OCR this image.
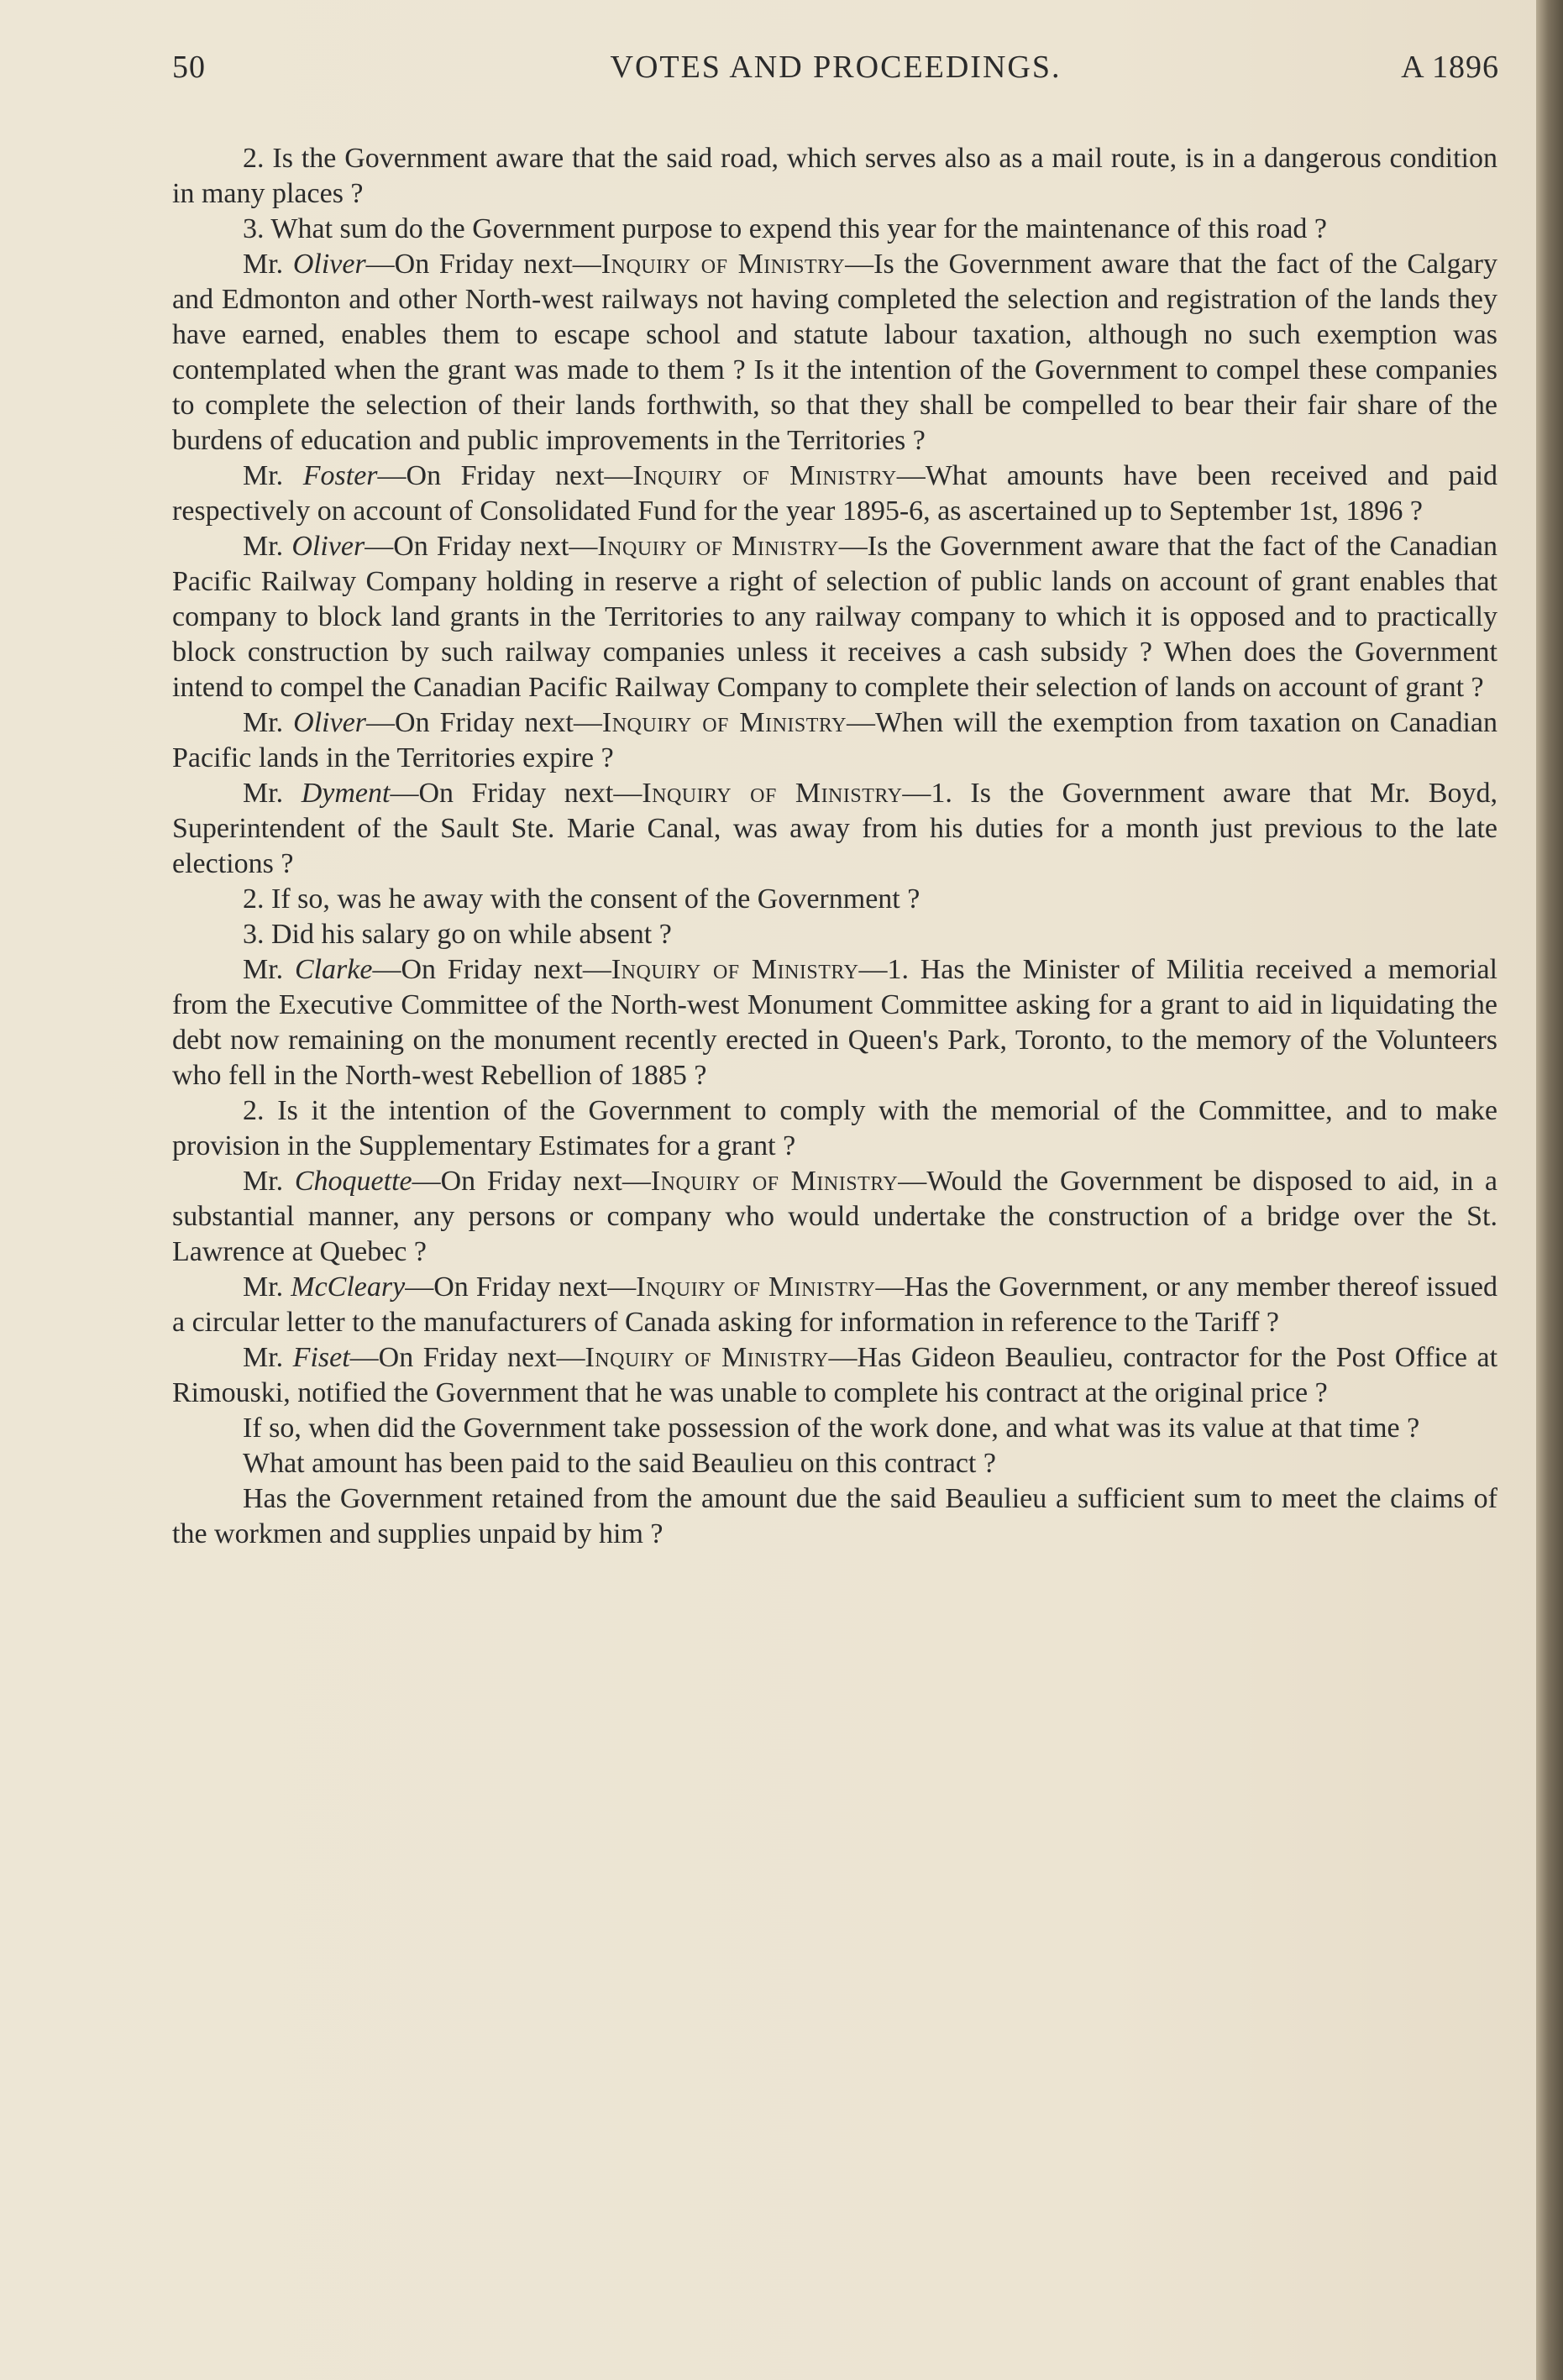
50	VOTES AND PROCEEDINGS.	A 1896

2. Is the Government aware that the said road, which serves also as a mail route, is in a dangerous condition in many places ?

3. What sum do the Government purpose to expend this year for the maintenance of this road ?

Mr. Oliver—On Friday next—Inquiry of Ministry—Is the Government aware that the fact of the Calgary and Edmonton and other North-west railways not having completed the selection and registration of the lands they have earned, enables them to escape school and statute labour taxation, although no such exemption was contemplated when the grant was made to them ? Is it the intention of the Government to compel these companies to complete the selection of their lands forthwith, so that they shall be compelled to bear their fair share of the burdens of education and public improvements in the Territories ?

Mr. Foster—On Friday next—Inquiry of Ministry—What amounts have been received and paid respectively on account of Consolidated Fund for the year 1895-6, as ascertained up to September 1st, 1896 ?

Mr. Oliver—On Friday next—Inquiry of Ministry—Is the Government aware that the fact of the Canadian Pacific Railway Company holding in reserve a right of selection of public lands on account of grant enables that company to block land grants in the Territories to any railway company to which it is opposed and to practically block construction by such railway companies unless it receives a cash subsidy ? When does the Government intend to compel the Canadian Pacific Railway Company to complete their selection of lands on account of grant ?

Mr. Oliver—On Friday next—Inquiry of Ministry—When will the exemption from taxation on Canadian Pacific lands in the Territories expire ?

Mr. Dyment—On Friday next—Inquiry of Ministry—1. Is the Government aware that Mr. Boyd, Superintendent of the Sault Ste. Marie Canal, was away from his duties for a month just previous to the late elections ?

2. If so, was he away with the consent of the Government ?

3. Did his salary go on while absent ?

Mr. Clarke—On Friday next—Inquiry of Ministry—1. Has the Minister of Militia received a memorial from the Executive Committee of the North-west Monument Committee asking for a grant to aid in liquidating the debt now remaining on the monument recently erected in Queen's Park, Toronto, to the memory of the Volunteers who fell in the North-west Rebellion of 1885 ?

2. Is it the intention of the Government to comply with the memorial of the Committee, and to make provision in the Supplementary Estimates for a grant ?

Mr. Choquette—On Friday next—Inquiry of Ministry—Would the Government be disposed to aid, in a substantial manner, any persons or company who would undertake the construction of a bridge over the St. Lawrence at Quebec ?

Mr. McCleary—On Friday next—Inquiry of Ministry—Has the Government, or any member thereof issued a circular letter to the manufacturers of Canada asking for information in reference to the Tariff ?

Mr. Fiset—On Friday next—Inquiry of Ministry—Has Gideon Beaulieu, contractor for the Post Office at Rimouski, notified the Government that he was unable to complete his contract at the original price ?

If so, when did the Government take possession of the work done, and what was its value at that time ?

What amount has been paid to the said Beaulieu on this contract ?

Has the Government retained from the amount due the said Beaulieu a sufficient sum to meet the claims of the workmen and supplies unpaid by him ?
